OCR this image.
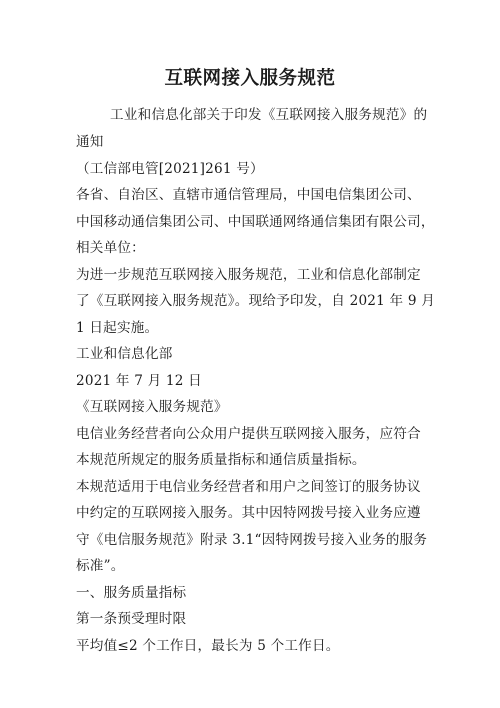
互联网接入服务规范

工业和信息化部关于印发《互联网接入服务规范》的

通知

（工信部电管[2021]261 号）

各省、自治区、直辖市通信管理局，中国电信集团公司、

中国移动通信集团公司、中国联通网络通信集团有限公司，

相关单位：

为进一步规范互联网接入服务规范，工业和信息化部制定

了《互联网接入服务规范》。现给予印发，自 2021 年 9 月

1 日起实施。

工业和信息化部

2021 年 7 月 12 日

《互联网接入服务规范》

电信业务经营者向公众用户提供互联网接入服务，应符合

本规范所规定的服务质量指标和通信质量指标。

本规范适用于电信业务经营者和用户之间签订的服务协议

中约定的互联网接入服务。其中因特网拨号接入业务应遵

守《电信服务规范》附录 3.1“因特网拨号接入业务的服务

标准”。

一、服务质量指标

第一条预受理时限

平均值≤2 个工作日，最长为 5 个工作日。
